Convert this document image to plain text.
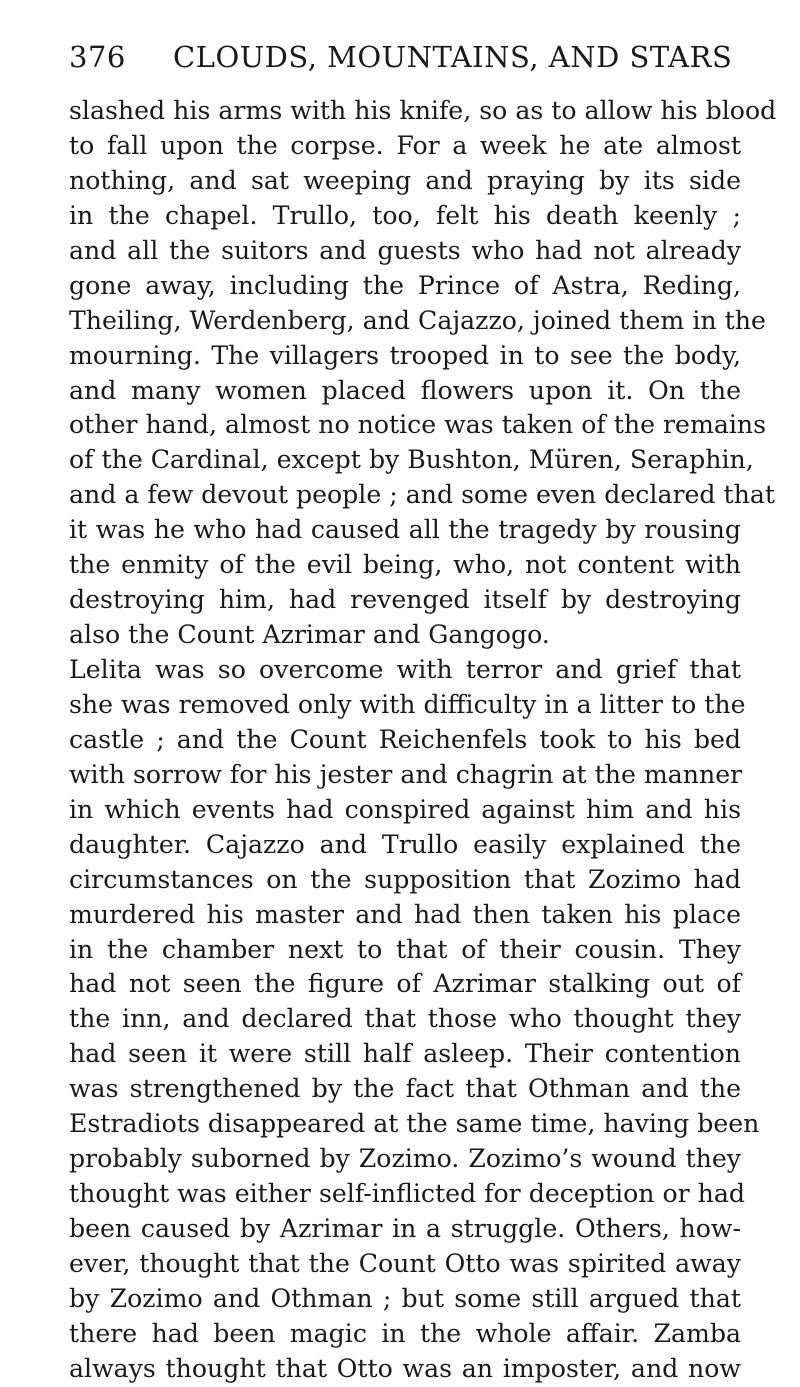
376	CLOUDS, MOUNTAINS, AND STARS
slashed his arms with his knife, so as to allow his blood
to fall upon the corpse. For a week he ate almost
nothing, and sat weeping and praying by its side
in the chapel. Trullo, too, felt his death keenly ;
and all the suitors and guests who had not already
gone away, including the Prince of Astra, Reding,
Theiling, Werdenberg, and Cajazzo, joined them in the
mourning. The villagers trooped in to see the body,
and many women placed flowers upon it. On the
other hand, almost no notice was taken of the remains
of the Cardinal, except by Bushton, Müren, Seraphin,
and a few devout people ; and some even declared that
it was he who had caused all the tragedy by rousing
the enmity of the evil being, who, not content with
destroying him, had revenged itself by destroying
also the Count Azrimar and Gangogo.
Lelita was so overcome with terror and grief that
she was removed only with difficulty in a litter to the
castle ; and the Count Reichenfels took to his bed
with sorrow for his jester and chagrin at the manner
in which events had conspired against him and his
daughter. Cajazzo and Trullo easily explained the
circumstances on the supposition that Zozimo had
murdered his master and had then taken his place
in the chamber next to that of their cousin. They
had not seen the figure of Azrimar stalking out of
the inn, and declared that those who thought they
had seen it were still half asleep. Their contention
was strengthened by the fact that Othman and the
Estradiots disappeared at the same time, having been
probably suborned by Zozimo. Zozimo’s wound they
thought was either self-inflicted for deception or had
been caused by Azrimar in a struggle. Others, how-
ever, thought that the Count Otto was spirited away
by Zozimo and Othman ; but some still argued that
there had been magic in the whole affair. Zamba
always thought that Otto was an imposter, and now
